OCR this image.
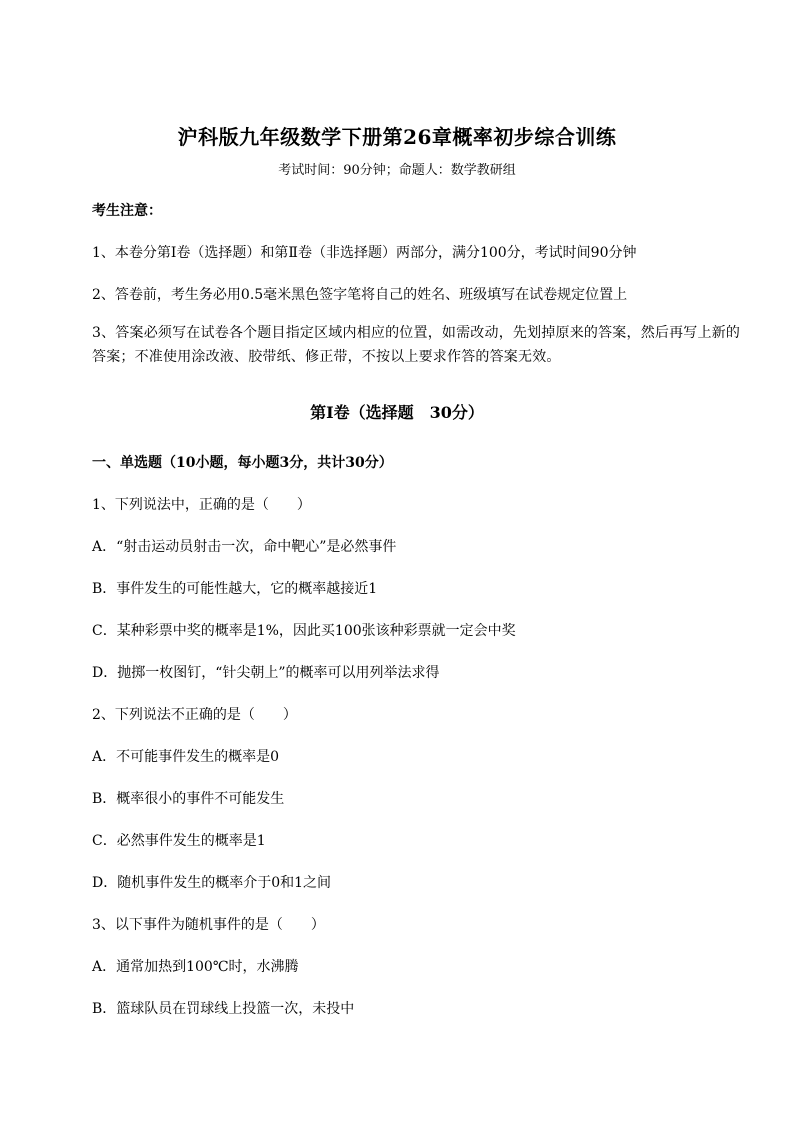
沪科版九年级数学下册第26章概率初步综合训练
考试时间：90分钟；命题人：数学教研组
考生注意：
1、本卷分第I卷（选择题）和第Ⅱ卷（非选择题）两部分，满分100分，考试时间90分钟
2、答卷前，考生务必用0.5毫米黑色签字笔将自己的姓名、班级填写在试卷规定位置上
3、答案必须写在试卷各个题目指定区域内相应的位置，如需改动，先划掉原来的答案，然后再写上新的答案；不准使用涂改液、胶带纸、修正带，不按以上要求作答的答案无效。
第I卷（选择题　30分）
一、单选题（10小题，每小题3分，共计30分）
1、下列说法中，正确的是（　　）
A．“射击运动员射击一次，命中靶心”是必然事件
B．事件发生的可能性越大，它的概率越接近1
C．某种彩票中奖的概率是1%，因此买100张该种彩票就一定会中奖
D．抛掷一枚图钉，“针尖朝上”的概率可以用列举法求得
2、下列说法不正确的是（　　）
A．不可能事件发生的概率是0
B．概率很小的事件不可能发生
C．必然事件发生的概率是1
D．随机事件发生的概率介于0和1之间
3、以下事件为随机事件的是（　　）
A．通常加热到100℃时，水沸腾
B．篮球队员在罚球线上投篮一次，未投中
